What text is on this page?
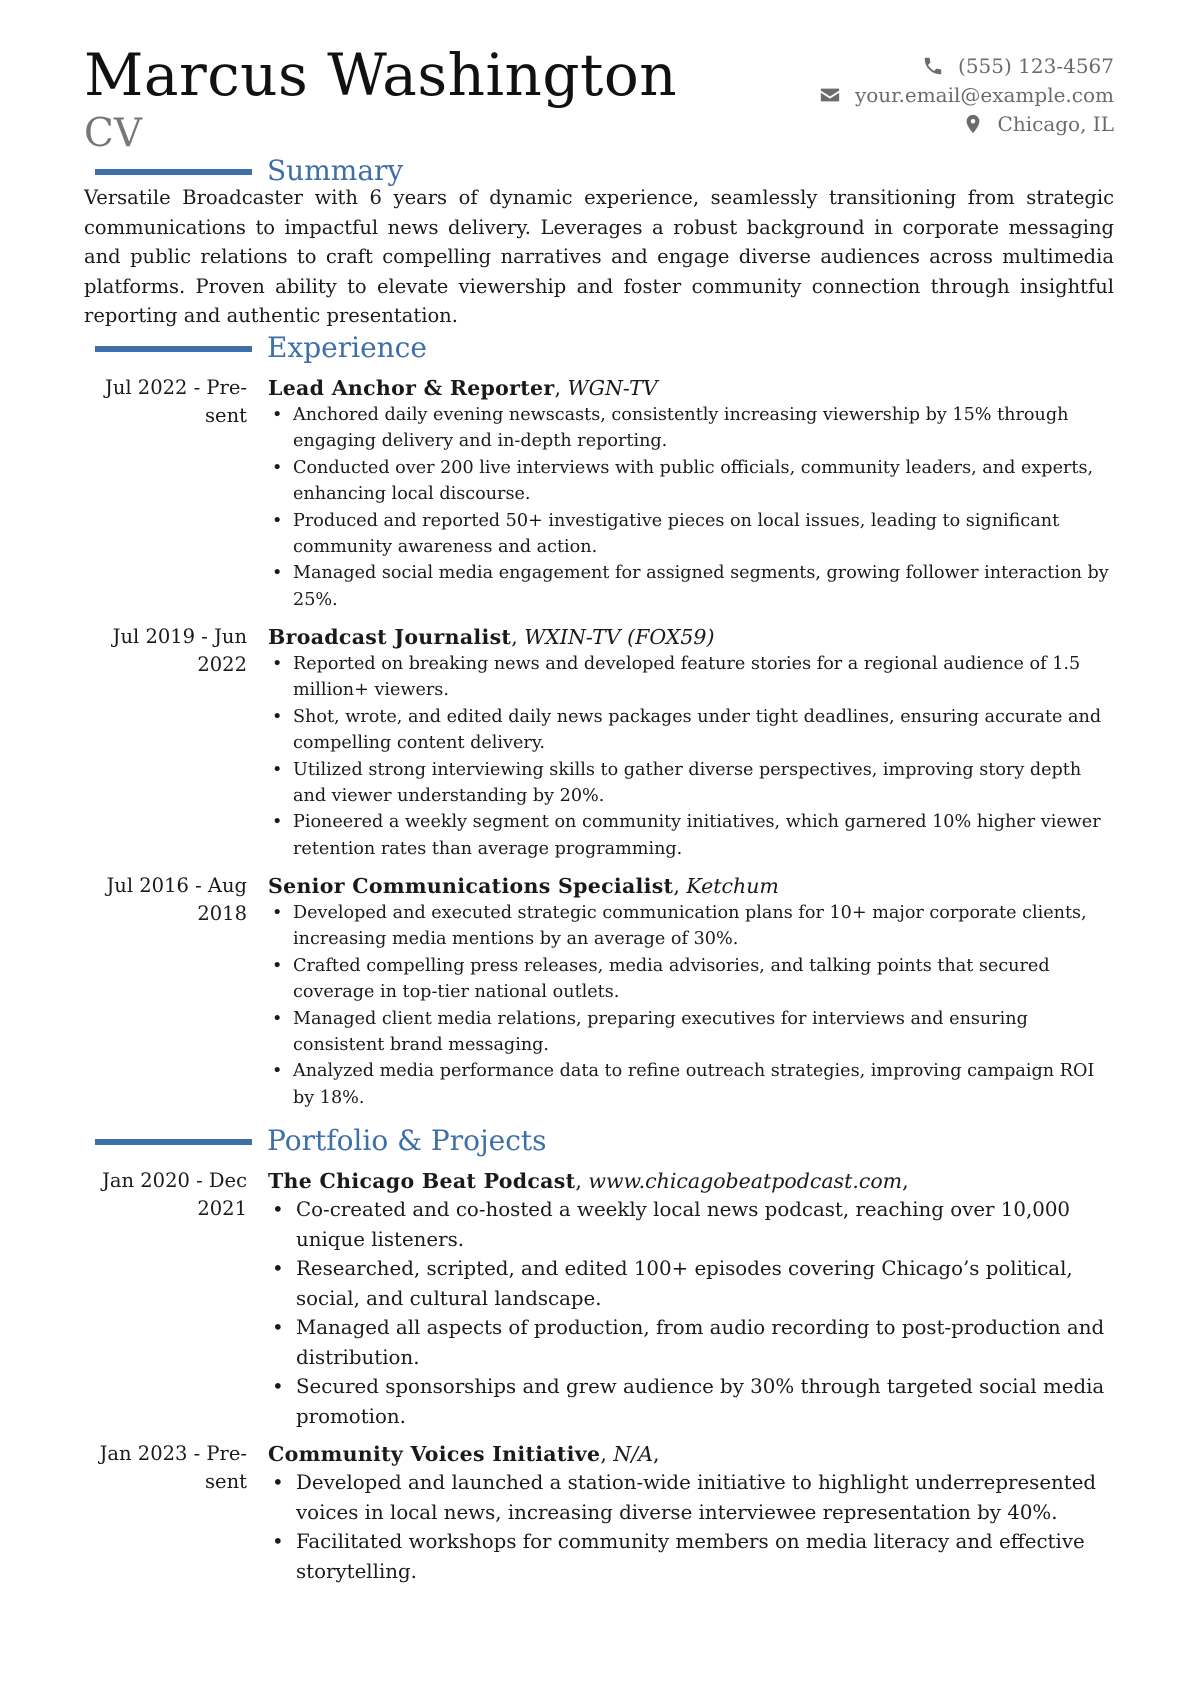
Marcus Washington
CV
(555) 123-4567
your.email@example.com
Chicago, IL
Summary
Versatile Broadcaster with 6 years of dynamic experience, seamlessly transitioning from strategic communications to impactful news delivery. Leverages a robust background in corporate messaging and public relations to craft compelling narratives and engage diverse audiences across multimedia platforms. Proven ability to elevate viewership and foster community connection through insightful reporting and authentic presentation.
Experience
Jul 2022 - Pre-
sent
Lead Anchor & Reporter, WGN-TV
• Anchored daily evening newscasts, consistently increasing viewership by 15% through engaging delivery and in-depth reporting.
• Conducted over 200 live interviews with public officials, community leaders, and experts, enhancing local discourse.
• Produced and reported 50+ investigative pieces on local issues, leading to significant community awareness and action.
• Managed social media engagement for assigned segments, growing follower interaction by 25%.
Jul 2019 - Jun
2022
Broadcast Journalist, WXIN-TV (FOX59)
• Reported on breaking news and developed feature stories for a regional audience of 1.5 million+ viewers.
• Shot, wrote, and edited daily news packages under tight deadlines, ensuring accurate and compelling content delivery.
• Utilized strong interviewing skills to gather diverse perspectives, improving story depth and viewer understanding by 20%.
• Pioneered a weekly segment on community initiatives, which garnered 10% higher viewer retention rates than average programming.
Jul 2016 - Aug
2018
Senior Communications Specialist, Ketchum
• Developed and executed strategic communication plans for 10+ major corporate clients, increasing media mentions by an average of 30%.
• Crafted compelling press releases, media advisories, and talking points that secured coverage in top-tier national outlets.
• Managed client media relations, preparing executives for interviews and ensuring consistent brand messaging.
• Analyzed media performance data to refine outreach strategies, improving campaign ROI by 18%.
Portfolio & Projects
Jan 2020 - Dec
2021
The Chicago Beat Podcast, www.chicagobeatpodcast.com,
• Co-created and co-hosted a weekly local news podcast, reaching over 10,000 unique listeners.
• Researched, scripted, and edited 100+ episodes covering Chicago’s political, social, and cultural landscape.
• Managed all aspects of production, from audio recording to post-production and distribution.
• Secured sponsorships and grew audience by 30% through targeted social media promotion.
Jan 2023 - Pre-
sent
Community Voices Initiative, N/A,
• Developed and launched a station-wide initiative to highlight underrepresented voices in local news, increasing diverse interviewee representation by 40%.
• Facilitated workshops for community members on media literacy and effective storytelling.
